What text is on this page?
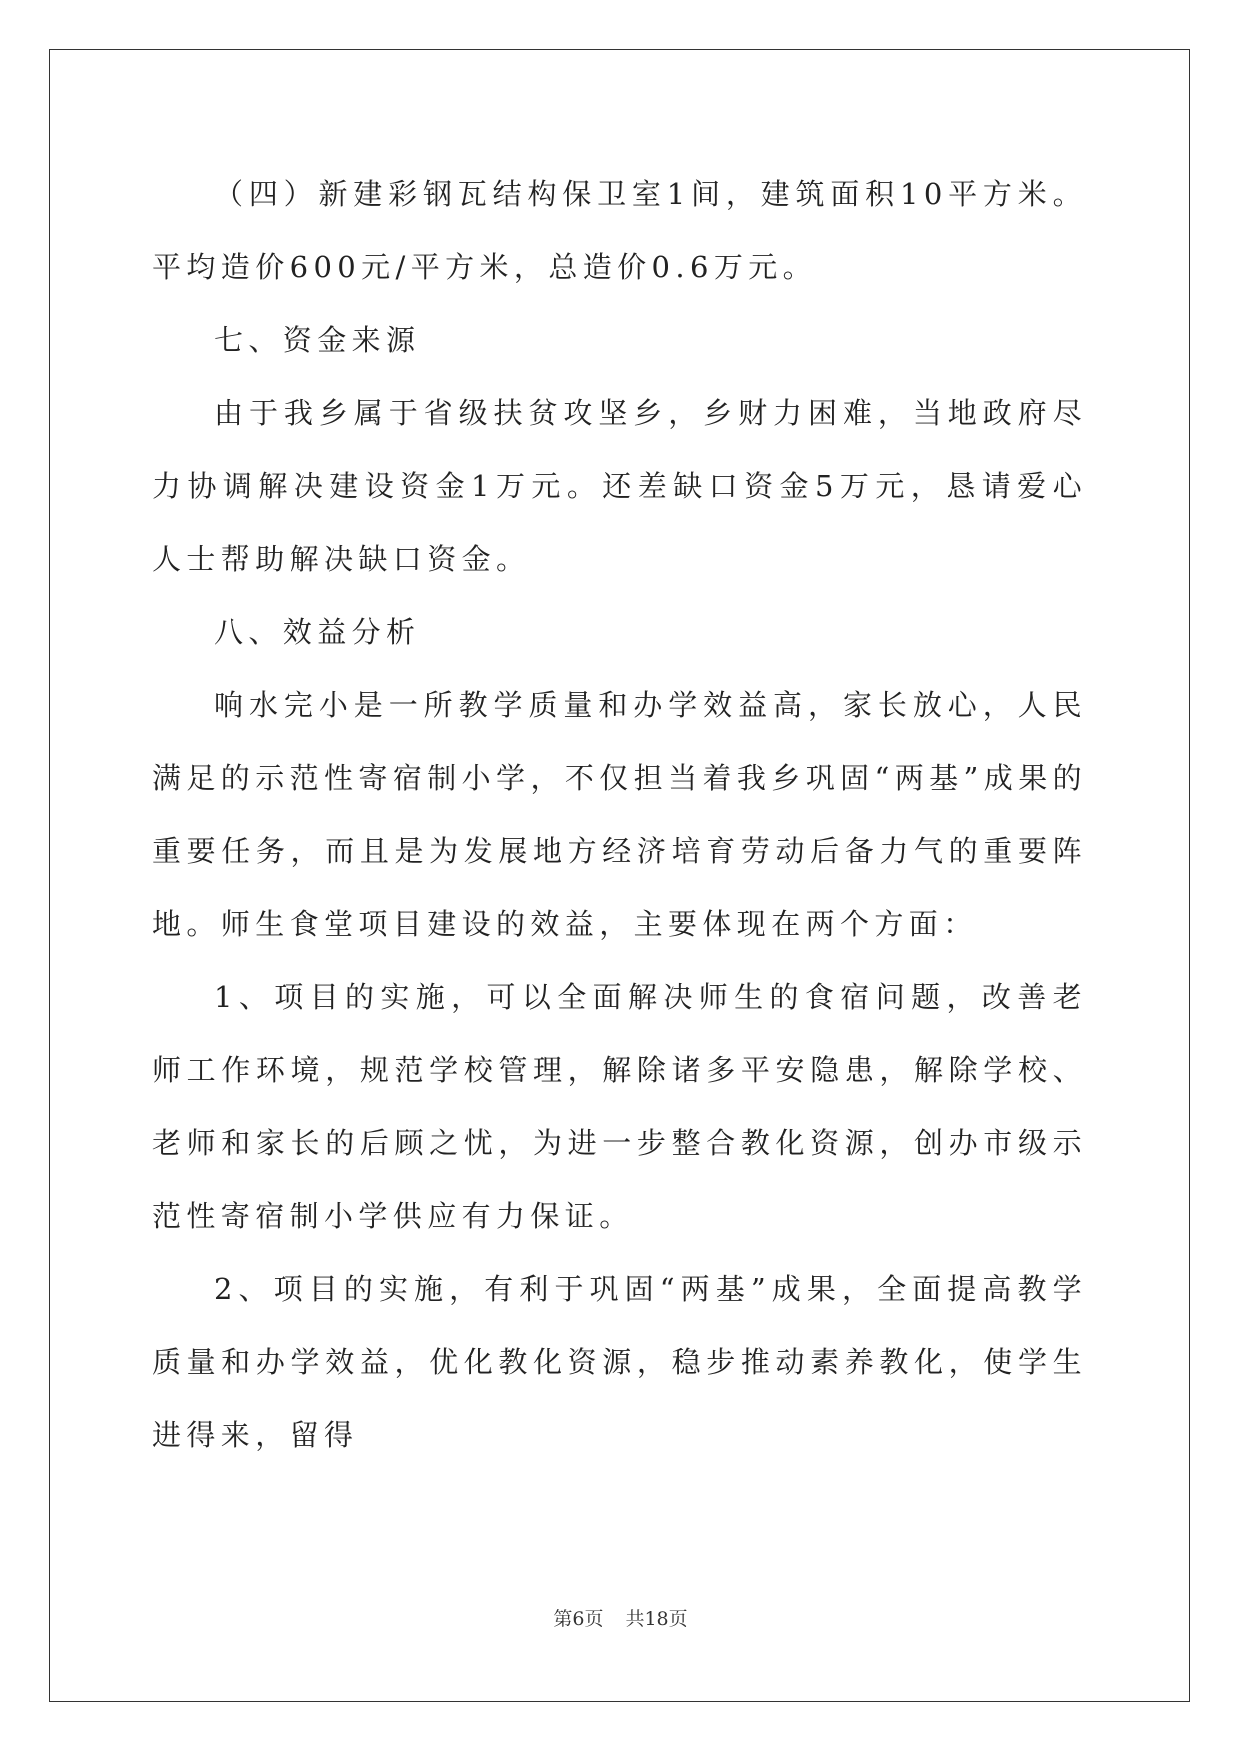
（四）新建彩钢瓦结构保卫室1间，建筑面积10平方米。平均造价600元/平方米，总造价0.6万元。

七、资金来源

由于我乡属于省级扶贫攻坚乡，乡财力困难，当地政府尽力协调解决建设资金1万元。还差缺口资金5万元，恳请爱心人士帮助解决缺口资金。

八、效益分析

响水完小是一所教学质量和办学效益高，家长放心，人民满足的示范性寄宿制小学，不仅担当着我乡巩固“两基”成果的重要任务，而且是为发展地方经济培育劳动后备力气的重要阵地。师生食堂项目建设的效益，主要体现在两个方面：

1、项目的实施，可以全面解决师生的食宿问题，改善老师工作环境，规范学校管理，解除诸多平安隐患，解除学校、老师和家长的后顾之忧，为进一步整合教化资源，创办市级示范性寄宿制小学供应有力保证。

2、项目的实施，有利于巩固“两基”成果，全面提高教学质量和办学效益，优化教化资源，稳步推动素养教化，使学生进得来，留得

第6页 共18页
